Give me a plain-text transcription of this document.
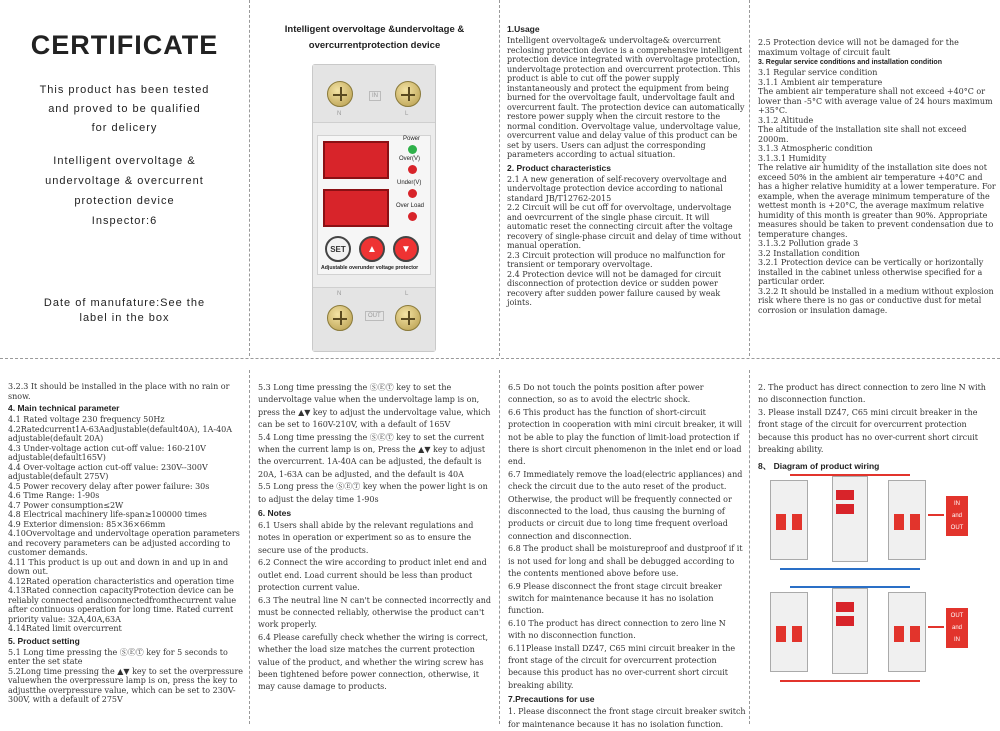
CERTIFICATE
This product has been tested
and proved to be qualified
for delicery
Intelligent overvoltage &
undervoltage & overcurrent
protection device
Inspector:6
Date of manufature:See the
label in the box
Intelligent overvoltage &undervoltage &
overcurrentprotection device
N
IN
L
Power
Over(V)
Under(V)
Over Load
SET	▲ ▼
Adjustable overunder voltage protector
N	L
OUT
1.Usage
Intelligent overvoltage& undervoltage& overcurrent reclosing protection device is a comprehensive intelligent protection device integrated with overvoltage protection, undervoltage protection and overcurrent protection. This product is able to cut off the power supply instantaneously and protect the equipment from being burned for the overvoltage fault, undervoltage fault and overcurrent fault. The protection device can automatically restore power supply when the circuit restore to the normal condition. Overvoltage value, undervoltage value, overcurrent value and delay value of this product can be set by users. Users can adjust the corresponding parameters according to actual situation.
2. Product characteristics
2.1 A new generation of self-recovery overvoltage and undervoltage protection device according to national standard JB/T12762-2015
2.2 Circuit will be cut off for overvoltage, undervoltage and oevrcurrent of the single phase circuit. It will automatic reset the connecting circuit after the voltage recovery of single-phase circuit and delay of time without manual operation.
2.3 Circuit protection will produce no malfunction for transient or temporary overvoltage.
2.4 Protection device will not be damaged for circuit disconnection of protection device or sudden power recovery after sudden power failure caused by weak joints.
2.5 Protection device will not be damaged for the maximum voltage of circuit fault
3. Regular service conditions and installation condition
3.1 Regular service condition
3.1.1 Ambient air temperature
The ambient air temperature shall not exceed +40°C or lower than -5°C with average value of 24 hours maximum +35°C.
3.1.2 Altitude
The altitude of the installation site shall not exceed 2000m.
3.1.3 Atmospheric condition
3.1.3.1 Humidity
The relative air humidity of the installation site does not exceed 50% in the ambient air temperature +40°C and has a higher relative humidity at a lower temperature. For example, when the average minimum temperature of the wettest month is +20°C, the average maximum relative humidity of this month is greater than 90%. Appropriate measures should be taken to prevent condensation due to temperature changes.
3.1.3.2 Pollution grade 3
3.2 Installation condition
3.2.1 Protection device can be vertically or horizontally installed in the cabinet unless otherwise specified for a particular order.
3.2.2 It should be installed in a medium without explosion risk where there is no gas or conductive dust for metal corrosion or insulation damage.
3.2.3 It should be installed in the place with no rain or snow.
4. Main technical parameter
4.1 Rated voltage 230 frequency 50Hz
4.2Ratedcurrent1A-63Aadjustable(default40A), 1A-40A adjustable(default 20A)
4.3 Under-voltage action cut-off value: 160-210V adjustable(default165V)
4.4 Over-voltage action cut-off value: 230V--300V adjustable(default 275V)
4.5 Power recovery delay after power failure: 30s
4.6 Time Range: 1-90s
4.7 Power consumption≤2W
4.8 Electrical machinery life-span≥100000 times
4.9 Exterior dimension: 85×36×66mm
4.10Overvoltage and undervoltage operation parameters and recovery parameters can be adjusted according to customer demands.
4.11 This product is up out and down in and up in and down out.
4.12Rated operation characteristics and operation time
4.13Rated connection capacityProtection device can be reliably connected andisconnectedfromthecurrent value after continuous operation for long time. Rated current priority value: 32A,40A,63A
4.14Rated limit overcurrent
5. Product setting
5.1 Long time pressing the ⓈⒺⓉ key for 5 seconds to enter the set state
5.2Long time pressing the ▲▼ key to set the overpressure valuewhen the overpressure lamp is on, press the key to adjustthe overpressure value, which can be set to 230V-300V, with a default of 275V
5.3 Long time pressing the ⓈⒺⓉ key to set the undervoltage value when the undervoltage lamp is on, press the ▲▼ key to adjust the undervoltage value, which can be set to 160V-210V, with a default of 165V
5.4 Long time pressing the ⓈⒺⓉ key to set the current when the current lamp is on, Press the ▲▼ key to adjust the overcurrent. 1A-40A can be adjusted, the default is 20A, 1-63A can be adjusted, and the default is 40A
5.5 Long press the ⓈⒺⓉ key when the power light is on to adjust the delay time 1-90s
6. Notes
6.1 Users shall abide by the relevant regulations and notes in operation or experiment so as to ensure the secure use of the products.
6.2 Connect the wire according to product inlet end and outlet end. Load current should be less than product protection current value.
6.3 The neutral line N can't be connected incorrectly and must be connected reliably, otherwise the product can't work properly.
6.4 Please carefully check whether the wiring is correct, whether the load size matches the current protection value of the product, and whether the wiring screw has been tightened before power connection, otherwise, it may cause damage to products.
6.5 Do not touch the points position after power connection, so as to avoid the electric shock.
6.6 This product has the function of short-circuit protection in cooperation with mini circuit breaker, it will not be able to play the function of limit-load protection if there is short circuit phenomenon in the inlet end or load end.
6.7 Immediately remove the load(electric appliances) and check the circuit due to the auto reset of the product. Otherwise, the product will be frequently connected or disconnected to the load, thus causing the burning of products or circuit due to long time frequent overload connection and disconnection.
6.8 The product shall be moistureproof and dustproof if it is not used for long and shall be debugged according to the contents mentioned above before use.
6.9 Please disconnect the front stage circuit breaker switch for maintenance because it has no isolation function.
6.10 The product has direct connection to zero line N with no disconnection function.
6.11Please install DZ47, C65 mini circuit breaker in the front stage of the circuit for overcurrent protection because this product has no over-current short circuit breaking ability.
7.Precautions for use
1. Please disconnect the front stage circuit breaker switch for maintenance because it has no isolation function.
2. The product has direct connection to zero line N with no disconnection function.
3. Please install DZ47, C65 mini circuit breaker in the front stage of the circuit for overcurrent protection because this product has no over-current short circuit breaking ability.
8、 Diagram of product wiring
IN
and
OUT
OUT
and
IN
